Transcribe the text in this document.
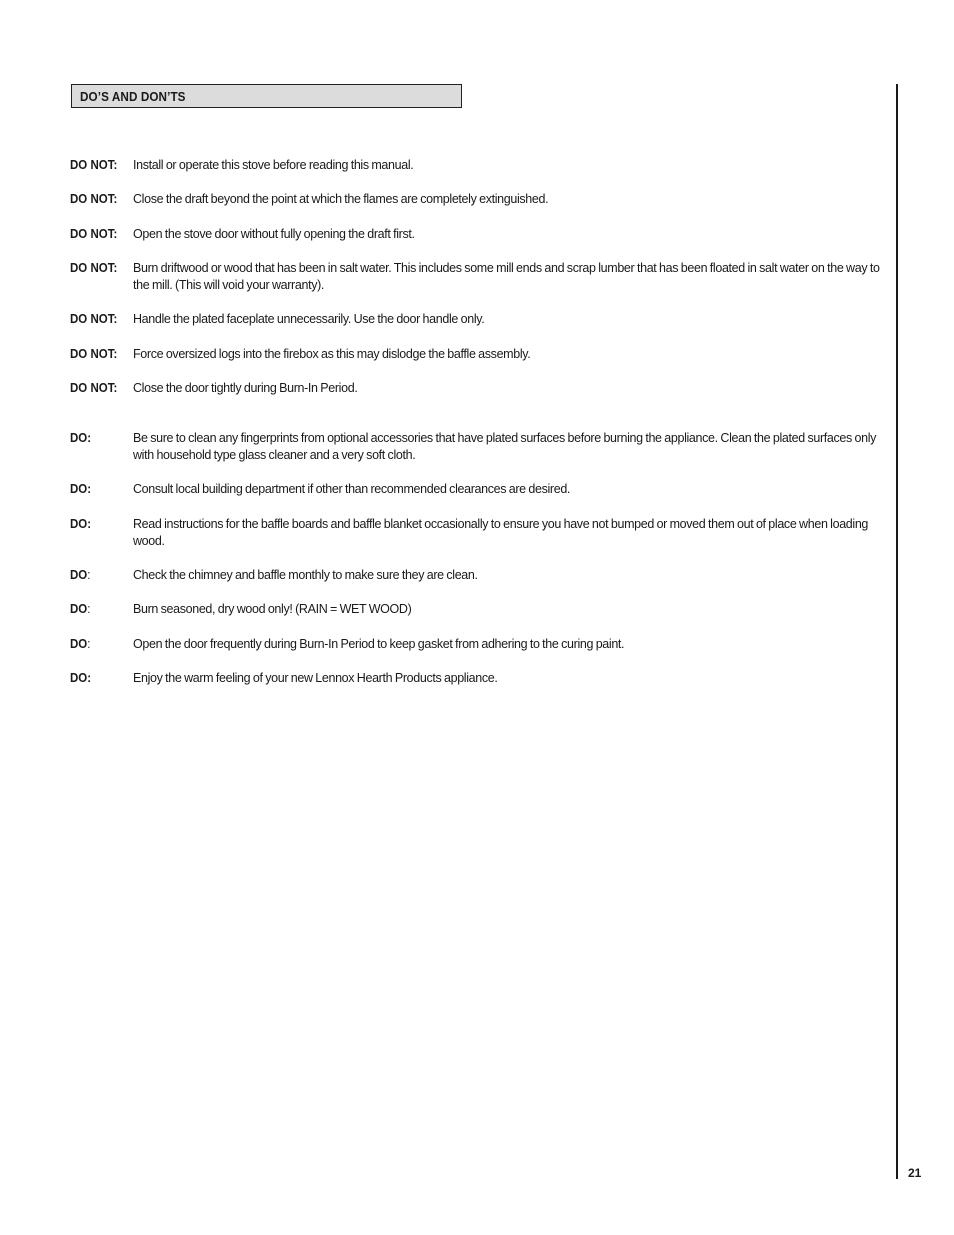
DO’S AND DON’TS
DO NOT: Install or operate this stove before reading this manual.
DO NOT: Close the draft beyond the point at which the flames are completely extinguished.
DO NOT: Open the stove door without fully opening the draft first.
DO NOT: Burn driftwood or wood that has been in salt water. This includes some mill ends and scrap lumber that has been floated in salt water on the way to the mill. (This will void your warranty).
DO NOT: Handle the plated faceplate unnecessarily. Use the door handle only.
DO NOT: Force oversized logs into the firebox as this may dislodge the baffle assembly.
DO NOT: Close the door tightly during Burn-In Period.
DO:	Be sure to clean any fingerprints from optional accessories that have plated surfaces before burning the appliance. Clean the plated surfaces only with household type glass cleaner and a very soft cloth.
DO:	Consult local building department if other than recommended clearances are desired.
DO:	Read instructions for the baffle boards and baffle blanket occasionally to ensure you have not bumped or moved them out of place when loading wood.
DO:	Check the chimney and baffle monthly to make sure they are clean.
DO:	Burn seasoned, dry wood only! (RAIN = WET WOOD)
DO:	Open the door frequently during Burn-In Period to keep gasket from adhering to the curing paint.
DO:	Enjoy the warm feeling of your new Lennox Hearth Products appliance.
21
